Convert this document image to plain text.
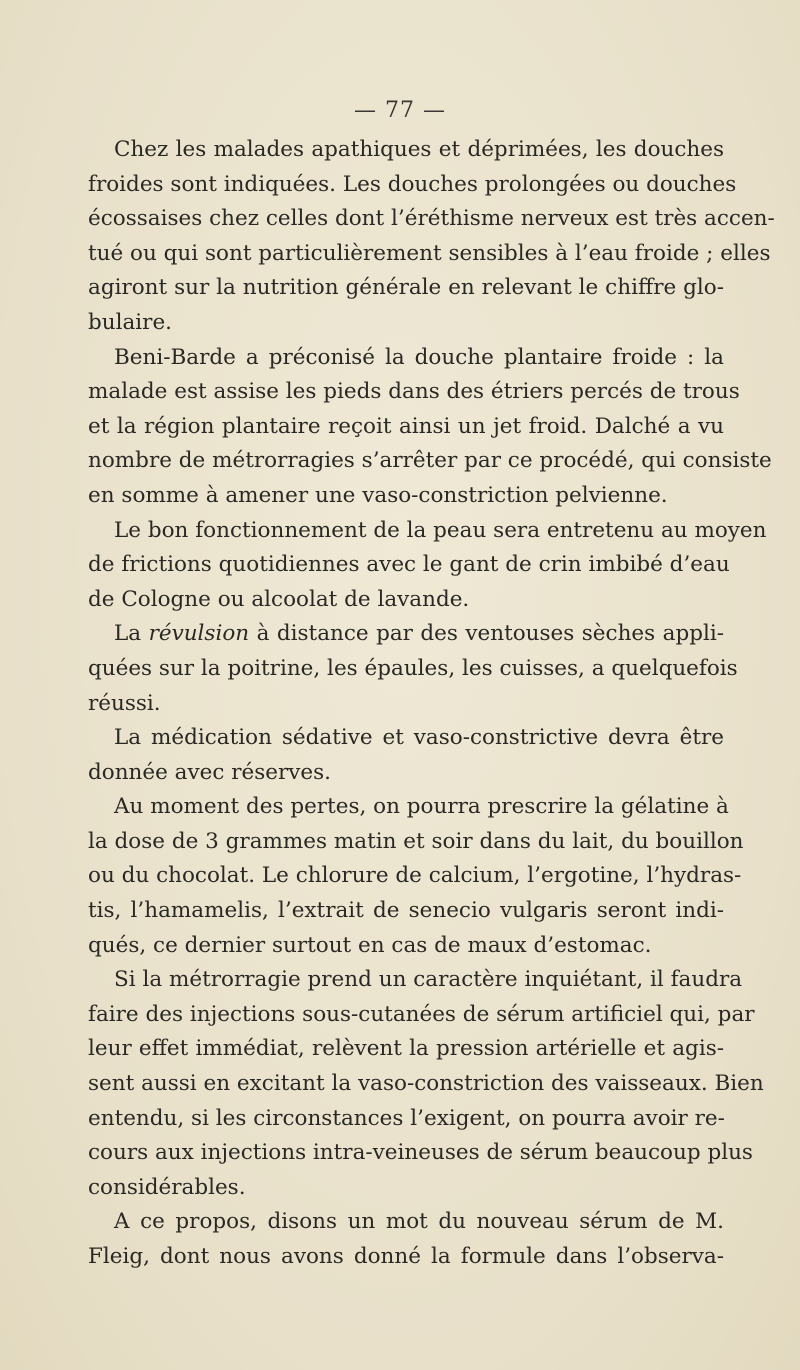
— 77 —
Chez les malades apathiques et déprimées, les douches
froides sont indiquées. Les douches prolongées ou douches
écossaises chez celles dont l’éréthisme nerveux est très accen-
tué ou qui sont particulièrement sensibles à l’eau froide ; elles
agiront sur la nutrition générale en relevant le chiffre glo-
bulaire.
Beni-Barde a préconisé la douche plantaire froide : la
malade est assise les pieds dans des étriers percés de trous
et la région plantaire reçoit ainsi un jet froid. Dalché a vu
nombre de métrorragies s’arrêter par ce procédé, qui consiste
en somme à amener une vaso-constriction pelvienne.
Le bon fonctionnement de la peau sera entretenu au moyen
de frictions quotidiennes avec le gant de crin imbibé d’eau
de Cologne ou alcoolat de lavande.
La révulsion à distance par des ventouses sèches appli-
quées sur la poitrine, les épaules, les cuisses, a quelquefois
réussi.
La médication sédative et vaso-constrictive devra être
donnée avec réserves.
Au moment des pertes, on pourra prescrire la gélatine à
la dose de 3 grammes matin et soir dans du lait, du bouillon
ou du chocolat. Le chlorure de calcium, l’ergotine, l’hydras-
tis, l’hamamelis, l’extrait de senecio vulgaris seront indi-
qués, ce dernier surtout en cas de maux d’estomac.
Si la métrorragie prend un caractère inquiétant, il faudra
faire des injections sous-cutanées de sérum artificiel qui, par
leur effet immédiat, relèvent la pression artérielle et agis-
sent aussi en excitant la vaso-constriction des vaisseaux. Bien
entendu, si les circonstances l’exigent, on pourra avoir re-
cours aux injections intra-veineuses de sérum beaucoup plus
considérables.
A ce propos, disons un mot du nouveau sérum de M.
Fleig, dont nous avons donné la formule dans l’observa-
